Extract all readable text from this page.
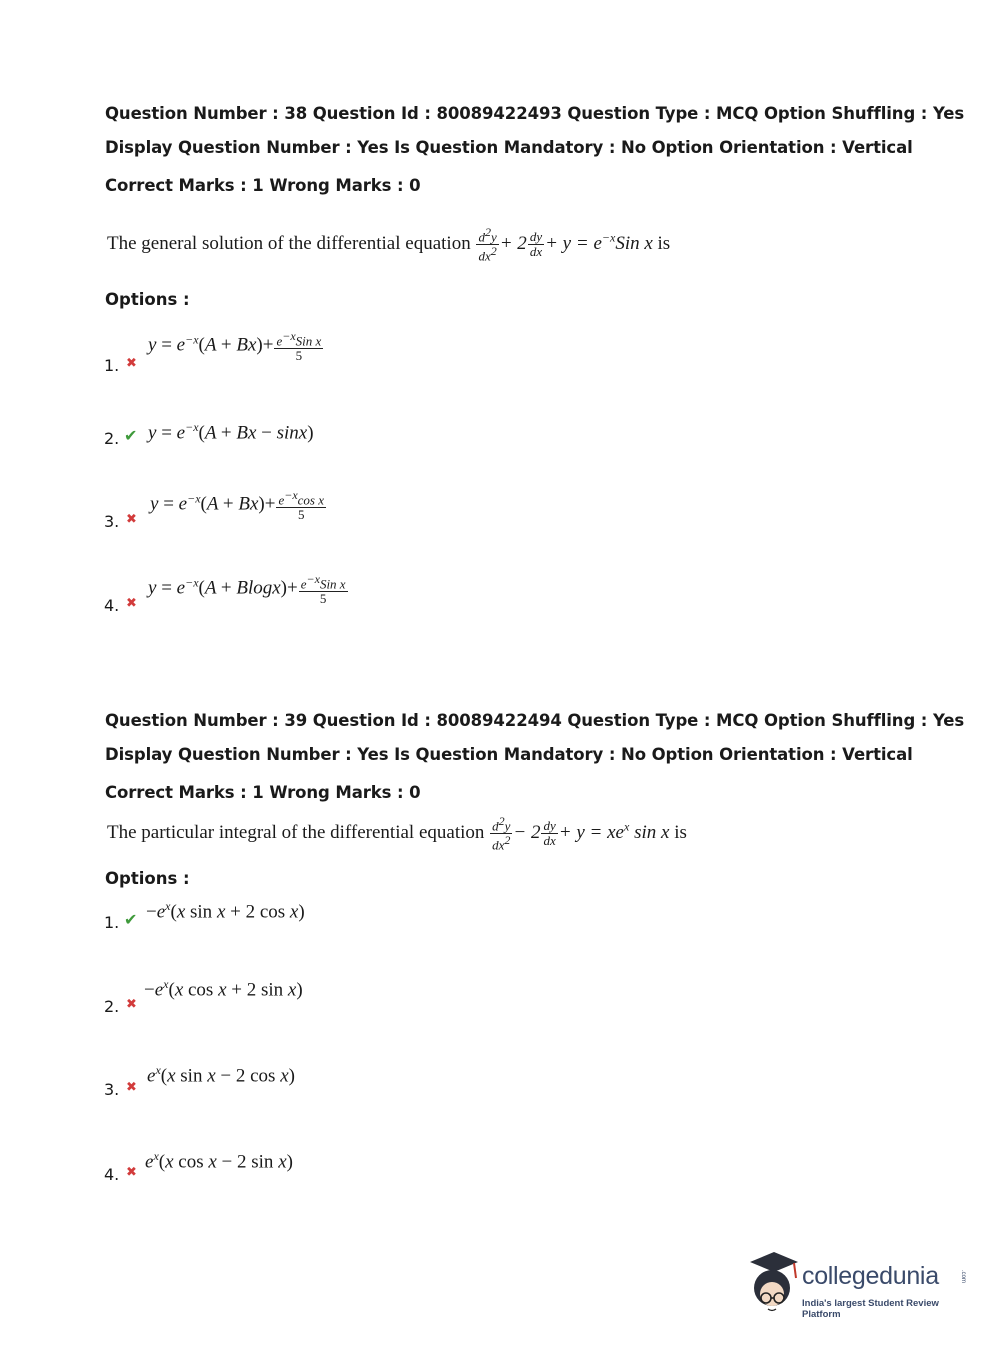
Question Number : 38 Question Id : 80089422493 Question Type : MCQ Option Shuffling : Yes
Display Question Number : Yes Is Question Mandatory : No Option Orientation : Vertical
Correct Marks : 1 Wrong Marks : 0
The general solution of the differential equation $\frac{d^2y}{dx^2} + 2 \frac{dy}{dx} + y = e^{-x}Sin$ x is
Options :
1. ✖
$y = e^{-x}(A + Bx)+ \frac{e^{-x}Sin x}{5}$
2. ✔ $y = e^{-x}(A + Bx - \sin x)$
3. ✖
$y = e^{-x}(A + Bx)+ \frac{e^{-x}\cos x}{5}$
4. ✖
$y = e^{-x}(A + Blogx)+ \frac{e^{-x}Sin x}{5}$
Question Number : 39 Question Id : 80089422494 Question Type : MCQ Option Shuffling : Yes
Display Question Number : Yes Is Question Mandatory : No Option Orientation : Vertical
Correct Marks : 1 Wrong Marks : 0
The particular integral of the differential equation $\frac{d^2y}{dx^2} - 2 \frac{dy}{dx} + y = xe^x$ sin x is
Options :
1. ✔ $-e^x(x$ sin x + 2 cos x)
2. ✖
$-e^x(x$ cos x + 2 sin x)
3. ✖
$e^x(x$ sin x − 2 cos x)
4. ✖
$e^x(x$ cos x − 2 sin x)
collegedunia	.com
India's largest Student Review Platform
